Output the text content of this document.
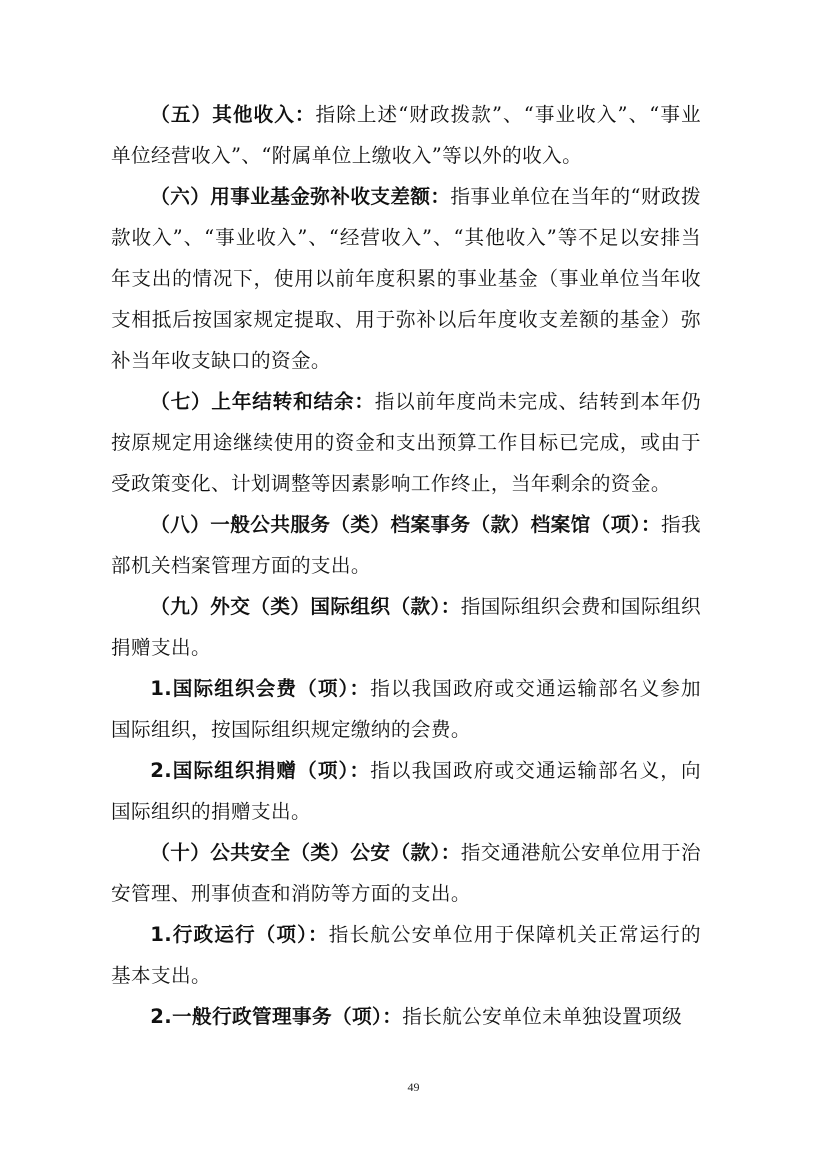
（五）其他收入：指除上述“财政拨款”、“事业收入”、“事业单位经营收入”、“附属单位上缴收入”等以外的收入。

（六）用事业基金弥补收支差额：指事业单位在当年的“财政拨款收入”、“事业收入”、“经营收入”、“其他收入”等不足以安排当年支出的情况下，使用以前年度积累的事业基金（事业单位当年收支相抵后按国家规定提取、用于弥补以后年度收支差额的基金）弥补当年收支缺口的资金。

（七）上年结转和结余：指以前年度尚未完成、结转到本年仍按原规定用途继续使用的资金和支出预算工作目标已完成，或由于受政策变化、计划调整等因素影响工作终止，当年剩余的资金。

（八）一般公共服务（类）档案事务（款）档案馆（项）：指我部机关档案管理方面的支出。

（九）外交（类）国际组织（款）：指国际组织会费和国际组织捐赠支出。

1.国际组织会费（项）：指以我国政府或交通运输部名义参加国际组织，按国际组织规定缴纳的会费。

2.国际组织捐赠（项）：指以我国政府或交通运输部名义，向国际组织的捐赠支出。

（十）公共安全（类）公安（款）：指交通港航公安单位用于治安管理、刑事侦查和消防等方面的支出。

1.行政运行（项）：指长航公安单位用于保障机关正常运行的基本支出。

2.一般行政管理事务（项）：指长航公安单位未单独设置项级

49
